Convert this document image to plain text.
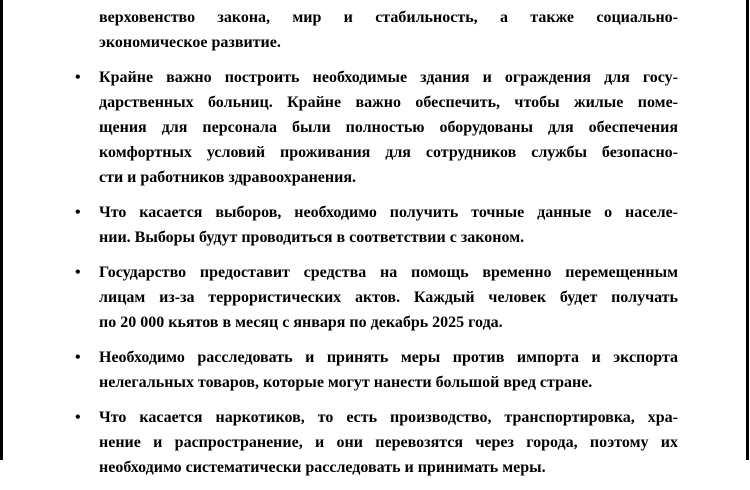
верховенство закона, мир и стабильность, а также социально-
экономическое развитие.
• Крайне важно построить необходимые здания и ограждения для госу-
дарственных больниц. Крайне важно обеспечить, чтобы жилые поме-
щения для персонала были полностью оборудованы для обеспечения
комфортных условий проживания для сотрудников службы безопасно-
сти и работников здравоохранения.
• Что касается выборов, необходимо получить точные данные о населе-
нии. Выборы будут проводиться в соответствии с законом.
• Государство предоставит средства на помощь временно перемещенным
лицам из-за террористических актов. Каждый человек будет получать
по 20 000 кьятов в месяц с января по декабрь 2025 года.
• Необходимо расследовать и принять меры против импорта и экспорта
нелегальных товаров, которые могут нанести большой вред стране.
• Что касается наркотиков, то есть производство, транспортировка, хра-
нение и распространение, и они перевозятся через города, поэтому их
необходимо систематически расследовать и принимать меры.
